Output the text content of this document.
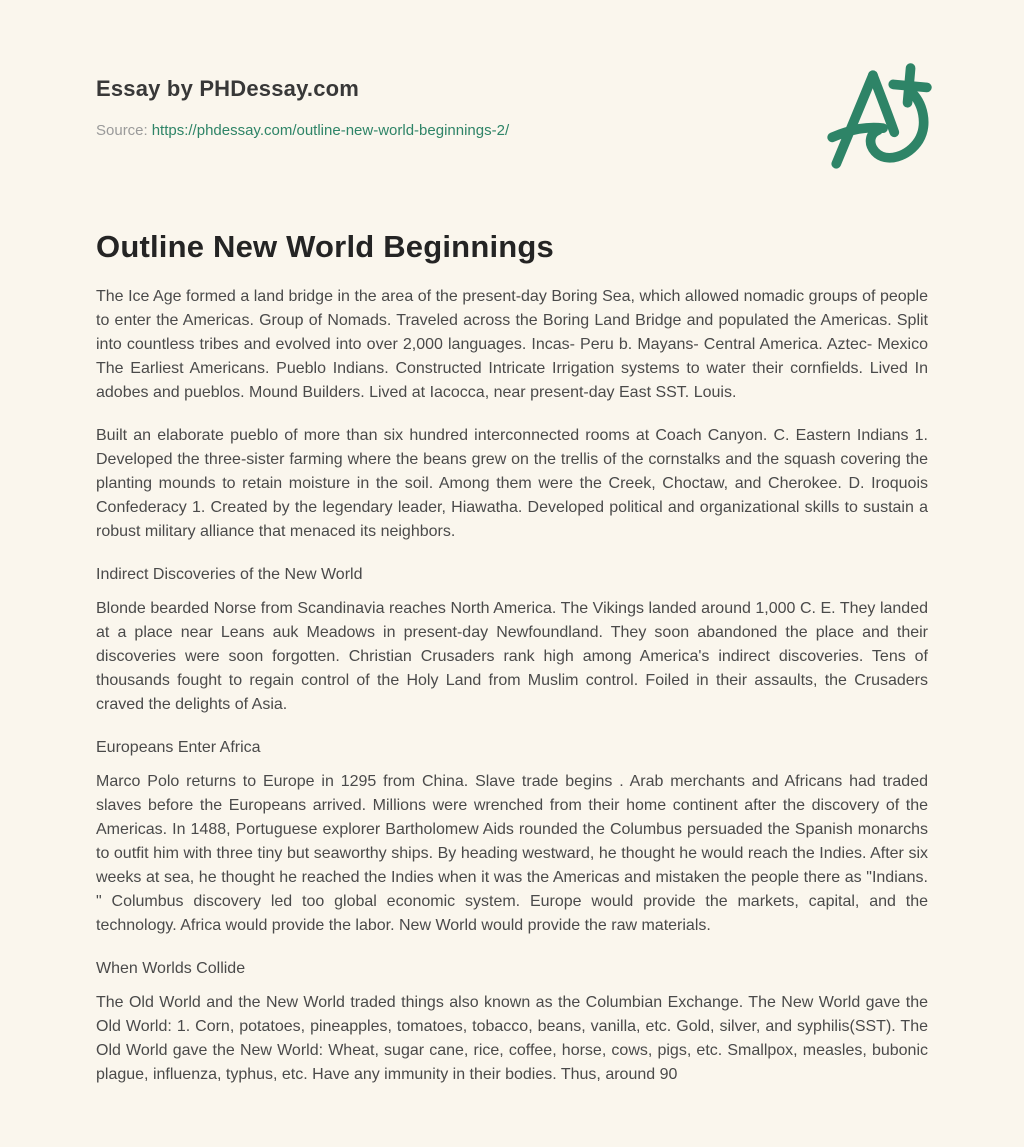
Essay by PHDessay.com

Source: https://phdessay.com/outline-new-world-beginnings-2/

Outline New World Beginnings

The Ice Age formed a land bridge in the area of the present-day Boring Sea, which allowed nomadic groups of people to enter the Americas. Group of Nomads. Traveled across the Boring Land Bridge and populated the Americas. Split into countless tribes and evolved into over 2,000 languages. Incas- Peru b. Mayans- Central America. Aztec- Mexico The Earliest Americans. Pueblo Indians. Constructed Intricate Irrigation systems to water their cornfields. Lived In adobes and pueblos. Mound Builders. Lived at Iacocca, near present-day East SST. Louis.

Built an elaborate pueblo of more than six hundred interconnected rooms at Coach Canyon. C. Eastern Indians 1. Developed the three-sister farming where the beans grew on the trellis of the cornstalks and the squash covering the planting mounds to retain moisture in the soil. Among them were the Creek, Choctaw, and Cherokee. D. Iroquois Confederacy 1. Created by the legendary leader, Hiawatha. Developed political and organizational skills to sustain a robust military alliance that menaced its neighbors.

Indirect Discoveries of the New World

Blonde bearded Norse from Scandinavia reaches North America. The Vikings landed around 1,000 C. E. They landed at a place near Leans auk Meadows in present-day Newfoundland. They soon abandoned the place and their discoveries were soon forgotten. Christian Crusaders rank high among America's indirect discoveries. Tens of thousands fought to regain control of the Holy Land from Muslim control. Foiled in their assaults, the Crusaders craved the delights of Asia.

Europeans Enter Africa

Marco Polo returns to Europe in 1295 from China. Slave trade begins . Arab merchants and Africans had traded slaves before the Europeans arrived. Millions were wrenched from their home continent after the discovery of the Americas. In 1488, Portuguese explorer Bartholomew Aids rounded the Columbus persuaded the Spanish monarchs to outfit him with three tiny but seaworthy ships. By heading westward, he thought he would reach the Indies. After six weeks at sea, he thought he reached the Indies when it was the Americas and mistaken the people there as "Indians. " Columbus discovery led too global economic system. Europe would provide the markets, capital, and the technology. Africa would provide the labor. New World would provide the raw materials.

When Worlds Collide

The Old World and the New World traded things also known as the Columbian Exchange. The New World gave the Old World: 1. Corn, potatoes, pineapples, tomatoes, tobacco, beans, vanilla, etc. Gold, silver, and syphilis(SST). The Old World gave the New World: Wheat, sugar cane, rice, coffee, horse, cows, pigs, etc. Smallpox, measles, bubonic plague, influenza, typhus, etc. Have any immunity in their bodies. Thus, around 90
